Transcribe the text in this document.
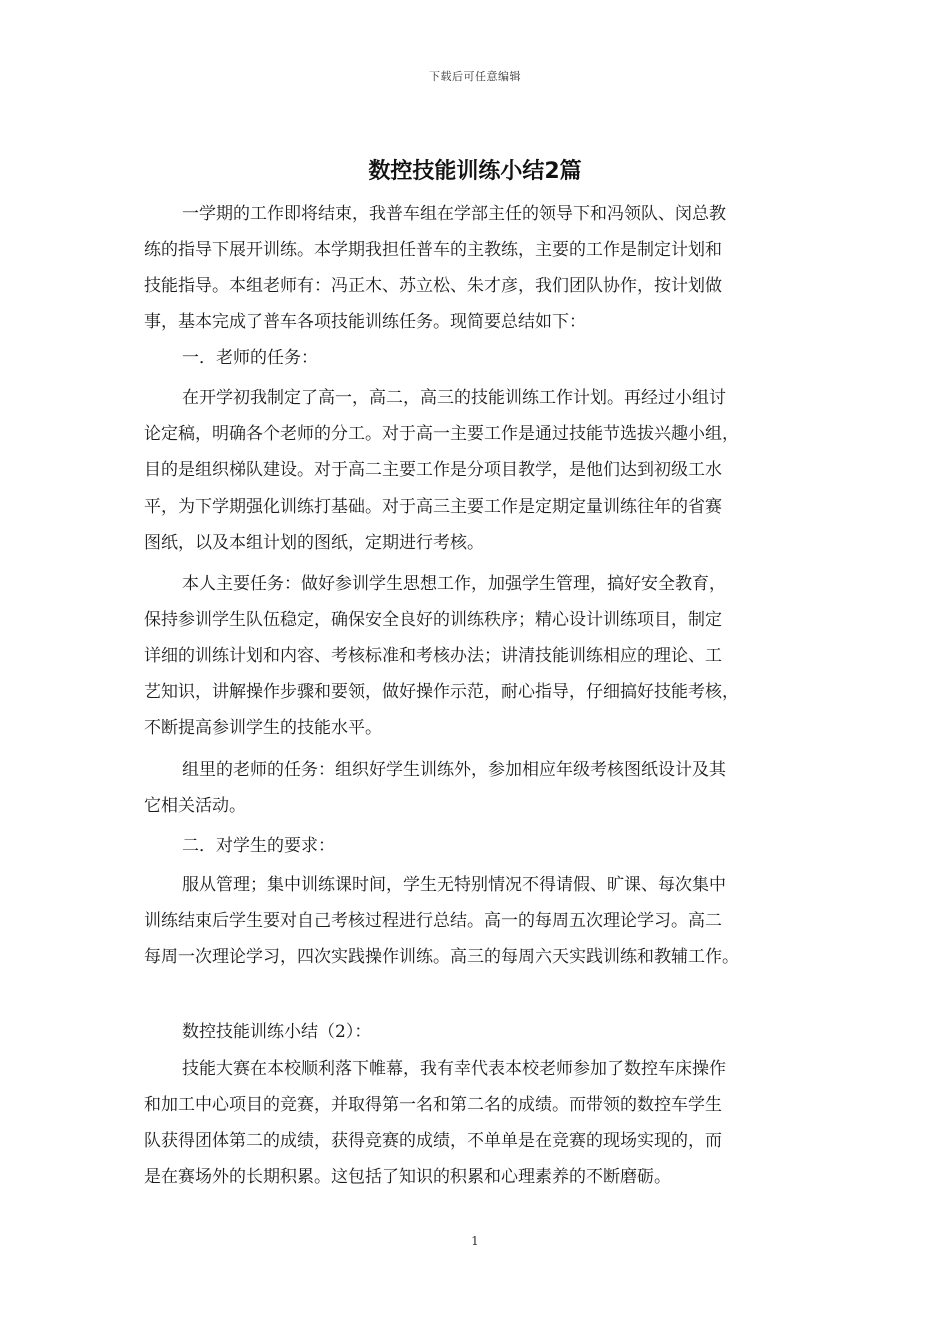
下载后可任意编辑
数控技能训练小结2篇
一学期的工作即将结束，我普车组在学部主任的领导下和冯领队、闵总教
练的指导下展开训练。本学期我担任普车的主教练，主要的工作是制定计划和
技能指导。本组老师有：冯正木、苏立松、朱才彦，我们团队协作，按计划做
事，基本完成了普车各项技能训练任务。现简要总结如下：
一．老师的任务：
在开学初我制定了高一，高二，高三的技能训练工作计划。再经过小组讨
论定稿，明确各个老师的分工。对于高一主要工作是通过技能节选拔兴趣小组，
目的是组织梯队建设。对于高二主要工作是分项目教学，是他们达到初级工水
平，为下学期强化训练打基础。对于高三主要工作是定期定量训练往年的省赛
图纸，以及本组计划的图纸，定期进行考核。
本人主要任务：做好参训学生思想工作，加强学生管理，搞好安全教育，
保持参训学生队伍稳定，确保安全良好的训练秩序；精心设计训练项目，制定
详细的训练计划和内容、考核标准和考核办法；讲清技能训练相应的理论、工
艺知识，讲解操作步骤和要领，做好操作示范，耐心指导，仔细搞好技能考核，
不断提高参训学生的技能水平。
组里的老师的任务：组织好学生训练外，参加相应年级考核图纸设计及其
它相关活动。
二．对学生的要求：
服从管理；集中训练课时间，学生无特别情况不得请假、旷课、每次集中
训练结束后学生要对自己考核过程进行总结。高一的每周五次理论学习。高二
每周一次理论学习，四次实践操作训练。高三的每周六天实践训练和教辅工作。
数控技能训练小结（2）：
技能大赛在本校顺利落下帷幕，我有幸代表本校老师参加了数控车床操作
和加工中心项目的竞赛，并取得第一名和第二名的成绩。而带领的数控车学生
队获得团体第二的成绩，获得竞赛的成绩，不单单是在竞赛的现场实现的，而
是在赛场外的长期积累。这包括了知识的积累和心理素养的不断磨砺。
1
